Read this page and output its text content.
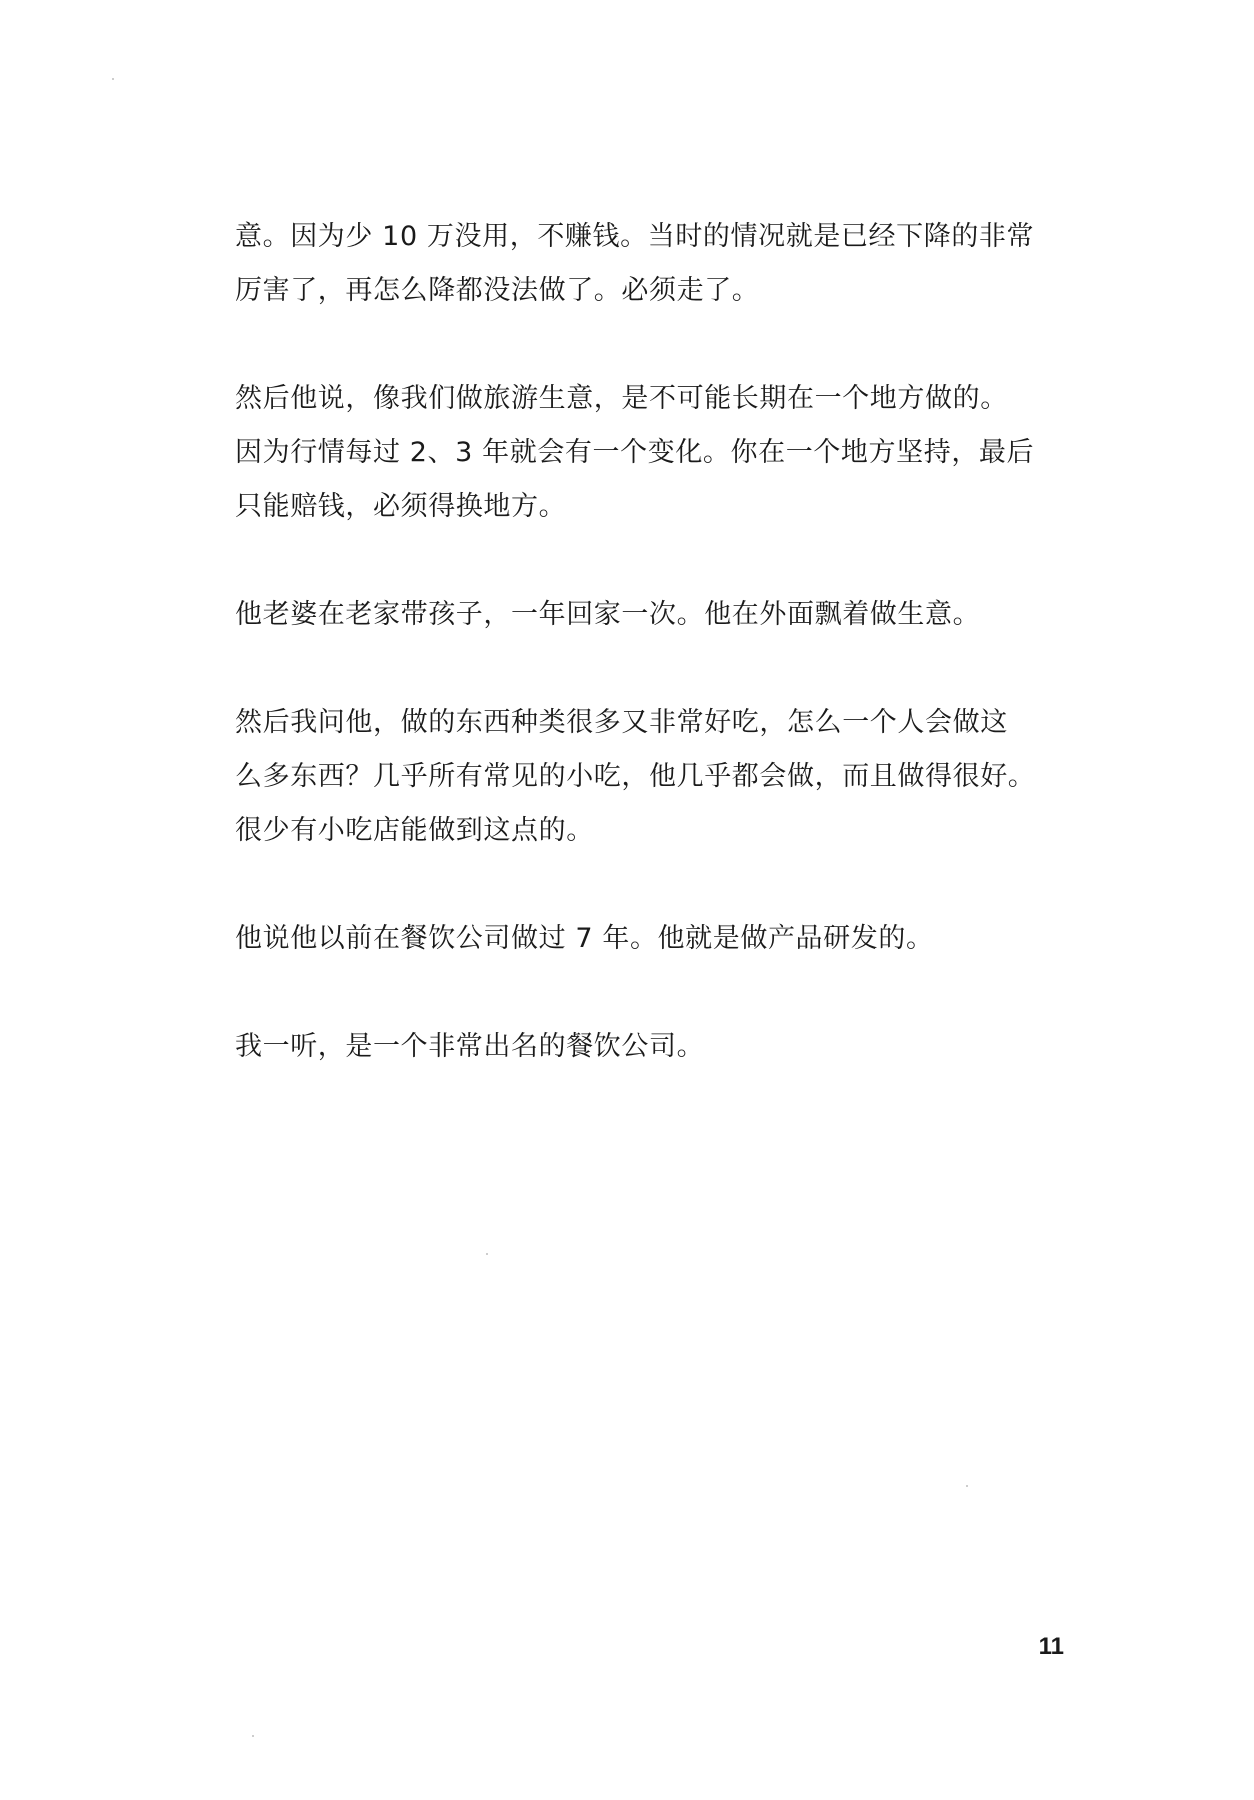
意。因为少 10 万没用，不赚钱。当时的情况就是已经下降的非常
厉害了，再怎么降都没法做了。必须走了。

然后他说，像我们做旅游生意，是不可能长期在一个地方做的。
因为行情每过 2、3 年就会有一个变化。你在一个地方坚持，最后
只能赔钱，必须得换地方。

他老婆在老家带孩子，一年回家一次。他在外面飘着做生意。

然后我问他，做的东西种类很多又非常好吃，怎么一个人会做这
么多东西？几乎所有常见的小吃，他几乎都会做，而且做得很好。
很少有小吃店能做到这点的。

他说他以前在餐饮公司做过 7 年。他就是做产品研发的。

我一听，是一个非常出名的餐饮公司。

11
